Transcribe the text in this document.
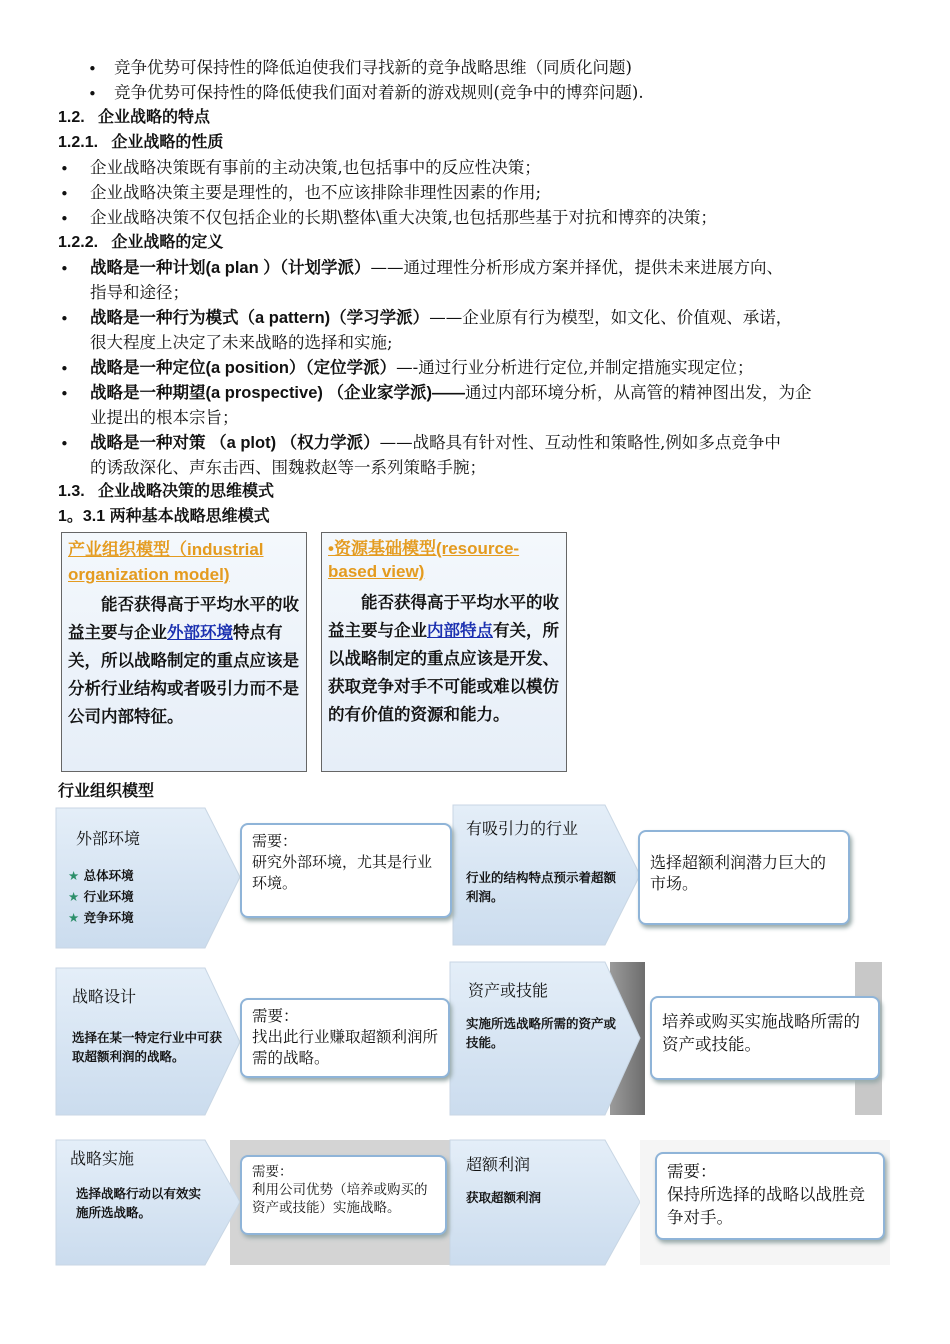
• 竞争优势可保持性的降低迫使我们寻找新的竞争战略思维（同质化问题)
• 竞争优势可保持性的降低使我们面对着新的游戏规则(竞争中的博弈问题).
1.2. 企业战略的特点
1.2.1. 企业战略的性质
• 企业战略决策既有事前的主动决策,也包括事中的反应性决策；
• 企业战略决策主要是理性的，也不应该排除非理性因素的作用;
• 企业战略决策不仅包括企业的长期\整体\重大决策,也包括那些基于对抗和博弈的决策；
1.2.2. 企业战略的定义
• 战略是一种计划(a plan ）（计划学派）——通过理性分析形成方案并择优，提供未来进展方向、
指导和途径；
• 战略是一种行为模式（a pattern)（学习学派）——企业原有行为模型，如文化、价值观、承诺，
很大程度上决定了未来战略的选择和实施;
• 战略是一种定位(a position）（定位学派）—-通过行业分析进行定位,并制定措施实现定位；
• 战略是一种期望(a prospective) （企业家学派)——通过内部环境分析，从高管的精神图出发，为企
业提出的根本宗旨；
• 战略是一种对策 （a plot) （权力学派）——战略具有针对性、互动性和策略性,例如多点竞争中
的诱敌深化、声东击西、围魏救赵等一系列策略手腕；
1.3. 企业战略决策的思维模式
1。3.1 两种基本战略思维模式
产业组织模型（industrial
organization model)
能否获得高于平均水平的收益主要与企业外部环境特点有关，所以战略制定的重点应该是分析行业结构或者吸引力而不是公司内部特征。
•资源基础模型(resource-
based view)
能否获得高于平均水平的收益主要与企业内部特点有关，所以战略制定的重点应该是开发、获取竞争对手不可能或难以模仿的有价值的资源和能力。
行业组织模型
外部环境
★ 总体环境
★ 行业环境
★ 竞争环境
需要：
研究外部环境，尤其是行业环境。
有吸引力的行业
行业的结构特点预示着超额利润。
选择超额利润潜力巨大的市场。
战略设计
选择在某一特定行业中可获取超额利润的战略。
需要：
找出此行业赚取超额利润所需的战略。
资产或技能
实施所选战略所需的资产或技能。
培养或购买实施战略所需的资产或技能。
战略实施
选择战略行动以有效实施所选战略。
需要：
利用公司优势（培养或购买的资产或技能）实施战略。
超额利润
获取超额利润
需要：
保持所选择的战略以战胜竞争对手。
